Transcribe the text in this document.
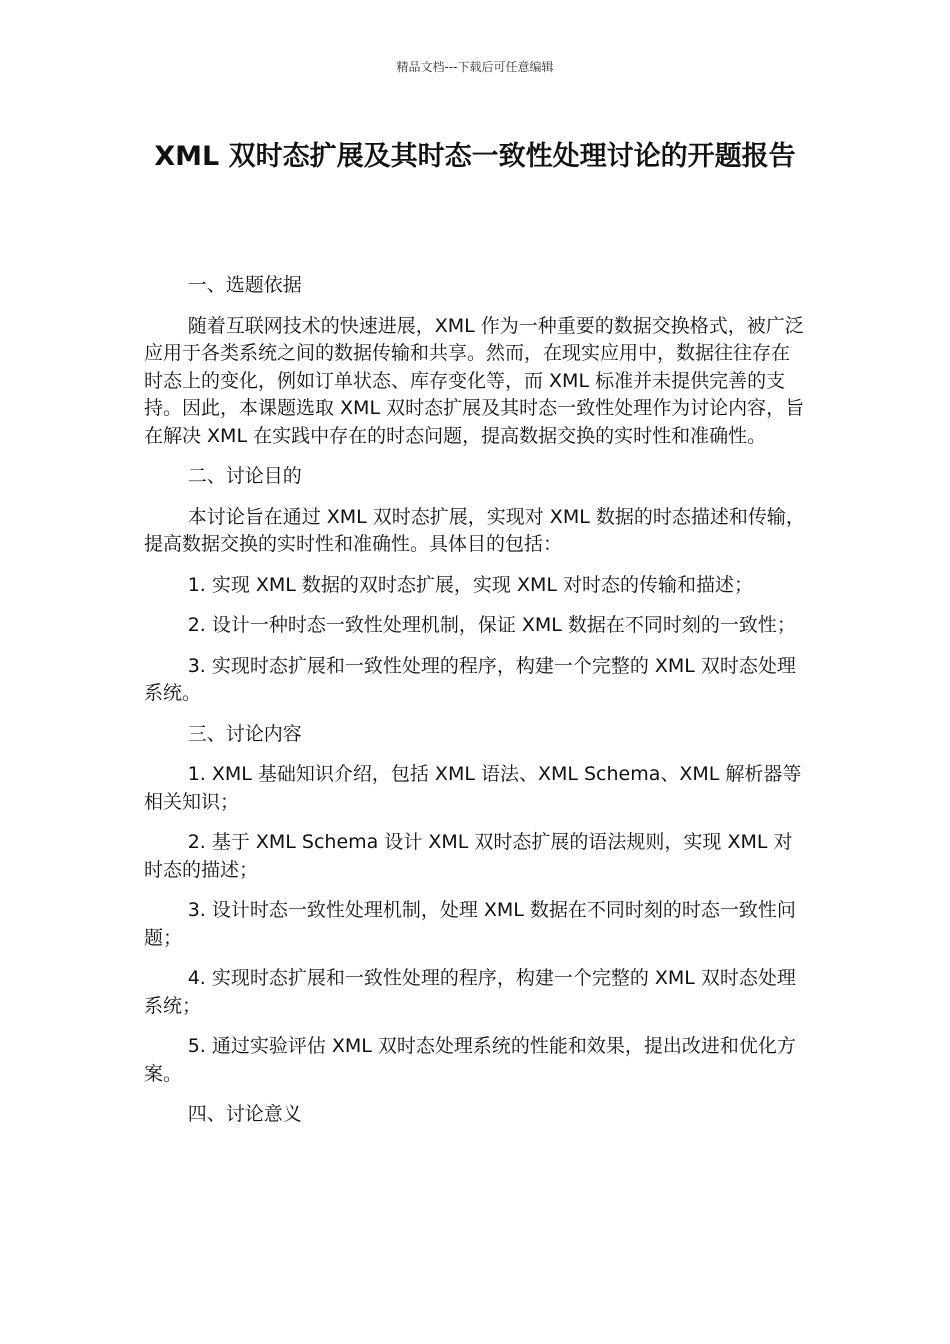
精品文档---下载后可任意编辑
XML 双时态扩展及其时态一致性处理讨论的开题报告

一、选题依据

随着互联网技术的快速进展，XML 作为一种重要的数据交换格式，被广泛应用于各类系统之间的数据传输和共享。然而，在现实应用中，数据往往存在时态上的变化，例如订单状态、库存变化等，而 XML 标准并未提供完善的支持。因此，本课题选取 XML 双时态扩展及其时态一致性处理作为讨论内容，旨在解决 XML 在实践中存在的时态问题，提高数据交换的实时性和准确性。

二、讨论目的

本讨论旨在通过 XML 双时态扩展，实现对 XML 数据的时态描述和传输，提高数据交换的实时性和准确性。具体目的包括：

1. 实现 XML 数据的双时态扩展，实现 XML 对时态的传输和描述；

2. 设计一种时态一致性处理机制，保证 XML 数据在不同时刻的一致性；

3. 实现时态扩展和一致性处理的程序，构建一个完整的 XML 双时态处理系统。

三、讨论内容

1. XML 基础知识介绍，包括 XML 语法、XML Schema、XML 解析器等相关知识；

2. 基于 XML Schema 设计 XML 双时态扩展的语法规则，实现 XML 对时态的描述；

3. 设计时态一致性处理机制，处理 XML 数据在不同时刻的时态一致性问题；

4. 实现时态扩展和一致性处理的程序，构建一个完整的 XML 双时态处理系统；

5. 通过实验评估 XML 双时态处理系统的性能和效果，提出改进和优化方案。

四、讨论意义
